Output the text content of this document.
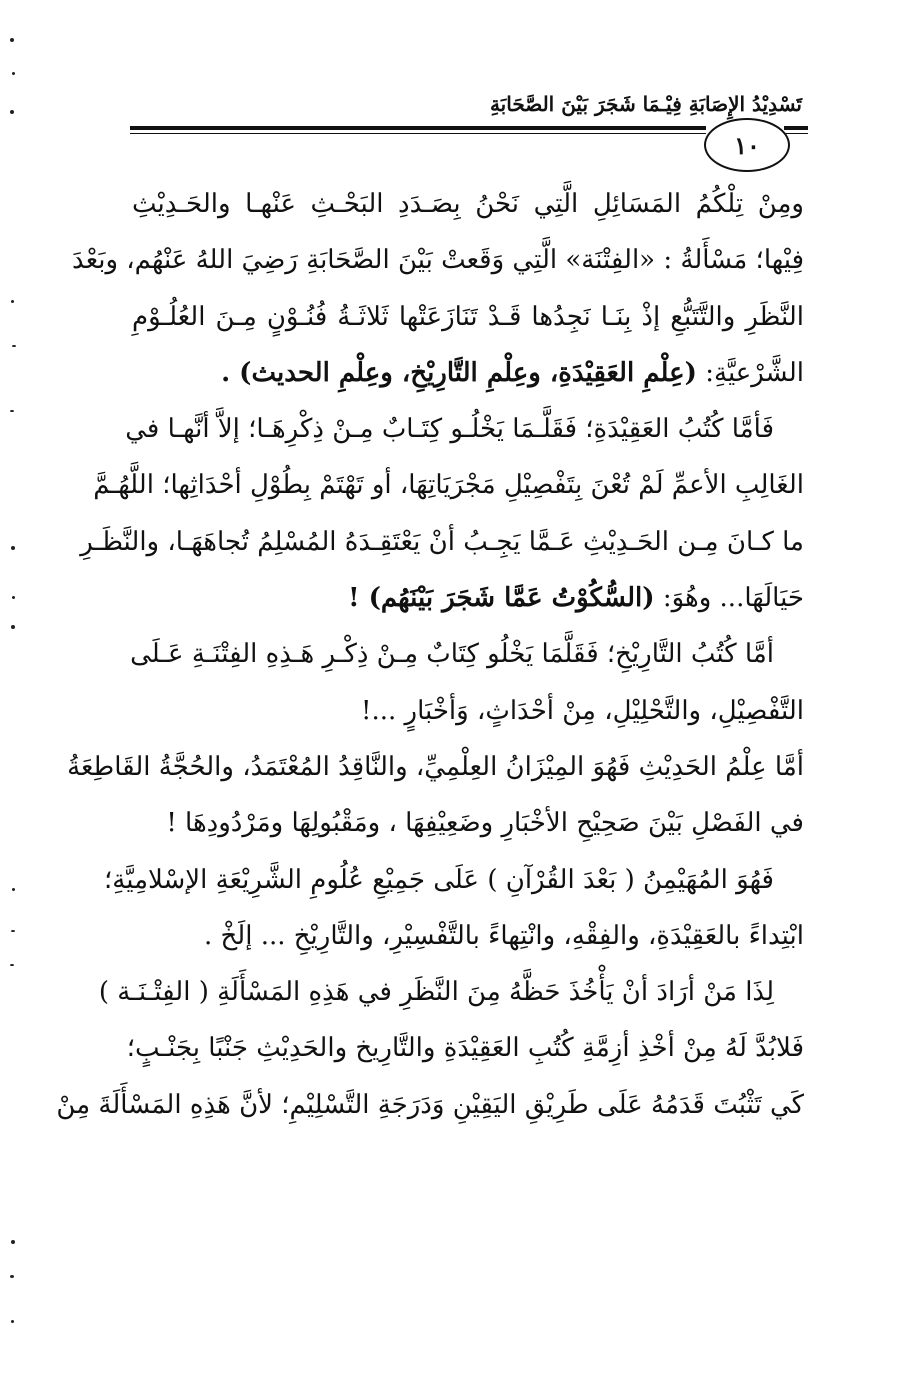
تَسْدِيْدُ الإِصَابَةِ فِيْـمَا شَجَرَ بَيْنَ الصَّحَابَةِ
١٠
ومِنْ تِلْكُمُ المَسَائِلِ الَّتِي نَحْنُ بِصَـدَدِ البَحْـثِ عَنْهـا والحَـدِيْثِ
فِيْها؛ مَسْأَلةُ : «الفِتْنَة» الَّتِي وَقَعتْ بَيْنَ الصَّحَابَةِ رَضِيَ اللهُ عَنْهُم، وبَعْدَ
النَّظَرِ والتَّتَبُّعِ إذْ بِنَـا نَجِدُها قَـدْ تَنَازَعَتْها ثَلاثَـةُ فُنُـوْنٍ مِـنَ العُلُـوْمِ
الشَّرْعيَّةِ: (عِلْمِ العَقِيْدَةِ، وعِلْمِ التَّارِيْخِ، وعِلْمِ الحديث) .
فَأمَّا كُتُبُ العَقِيْدَةِ؛ فَقَلَّـمَا يَخْلُـو كِتَـابٌ مِـنْ ذِكْرِهَـا؛ إلاَّ أنَّهـا في
الغَالِبِ الأعمِّ لَمْ تُعْنَ بِتَفْصِيْلِ مَجْرَيَاتِهَا، أو تَهْتَمْ بِطُوْلِ أحْدَاثِها؛ اللَّهُـمَّ
ما كـانَ مِـن الحَـدِيْثِ عَـمَّا يَجِـبُ أنْ يَعْتَقِـدَهُ المُسْلِمُ تُجاهَهَـا، والنَّظَـرِ
حَيَالَهَا... وهُوَ: (السُّكُوْتُ عَمَّا شَجَرَ بَيْنَهُم) !
أمَّا كُتُبُ التَّارِيْخِ؛ فَقَلَّمَا يَخْلُو كِتَابٌ مِـنْ ذِكْـرِ هَـذِهِ الفِتْنَـةِ عَـلَى
التَّفْصِيْلِ، والتَّحْلِيْلِ، مِنْ أحْدَاثٍ، وَأخْبَارٍ ...!
أمَّا عِلْمُ الحَدِيْثِ فَهُوَ المِيْزَانُ العِلْمِيِّ، والنَّاقِدُ المُعْتَمَدُ، والحُجَّةُ القَاطِعَةُ
في الفَصْلِ بَيْنَ صَحِيْحِ الأخْبَارِ وضَعِيْفِهَا ، ومَقْبُولِهَا ومَرْدُودِهَا !
فَهُوَ المُهَيْمِنُ ( بَعْدَ القُرْآنِ ) عَلَى جَمِيْعِ عُلُومِ الشَّرِيْعَةِ الإسْلامِيَّةِ؛
ابْتِداءً بالعَقِيْدَةِ، والفِقْهِ، وانْتِهاءً بالتَّفْسِيْرِ، والتَّارِيْخِ ... إلَخْ .
لِذَا مَنْ أرَادَ أنْ يَأْخُذَ حَظَّهُ مِنَ النَّظَرِ في هَذِهِ المَسْأَلَةِ ( الفِتْـنَـة )
فَلابُدَّ لَهُ مِنْ أخْذِ أزِمَّةِ كُتُبِ العَقِيْدَةِ والتَّارِيخ والحَدِيْثِ جَنْبًا بِجَنْـبٍ؛
كَي تَثْبُتَ قَدَمُهُ عَلَى طَرِيْقِ اليَقِيْنِ وَدَرَجَةِ التَّسْلِيْمِ؛ لأنَّ هَذِهِ المَسْأَلَةَ مِنْ
